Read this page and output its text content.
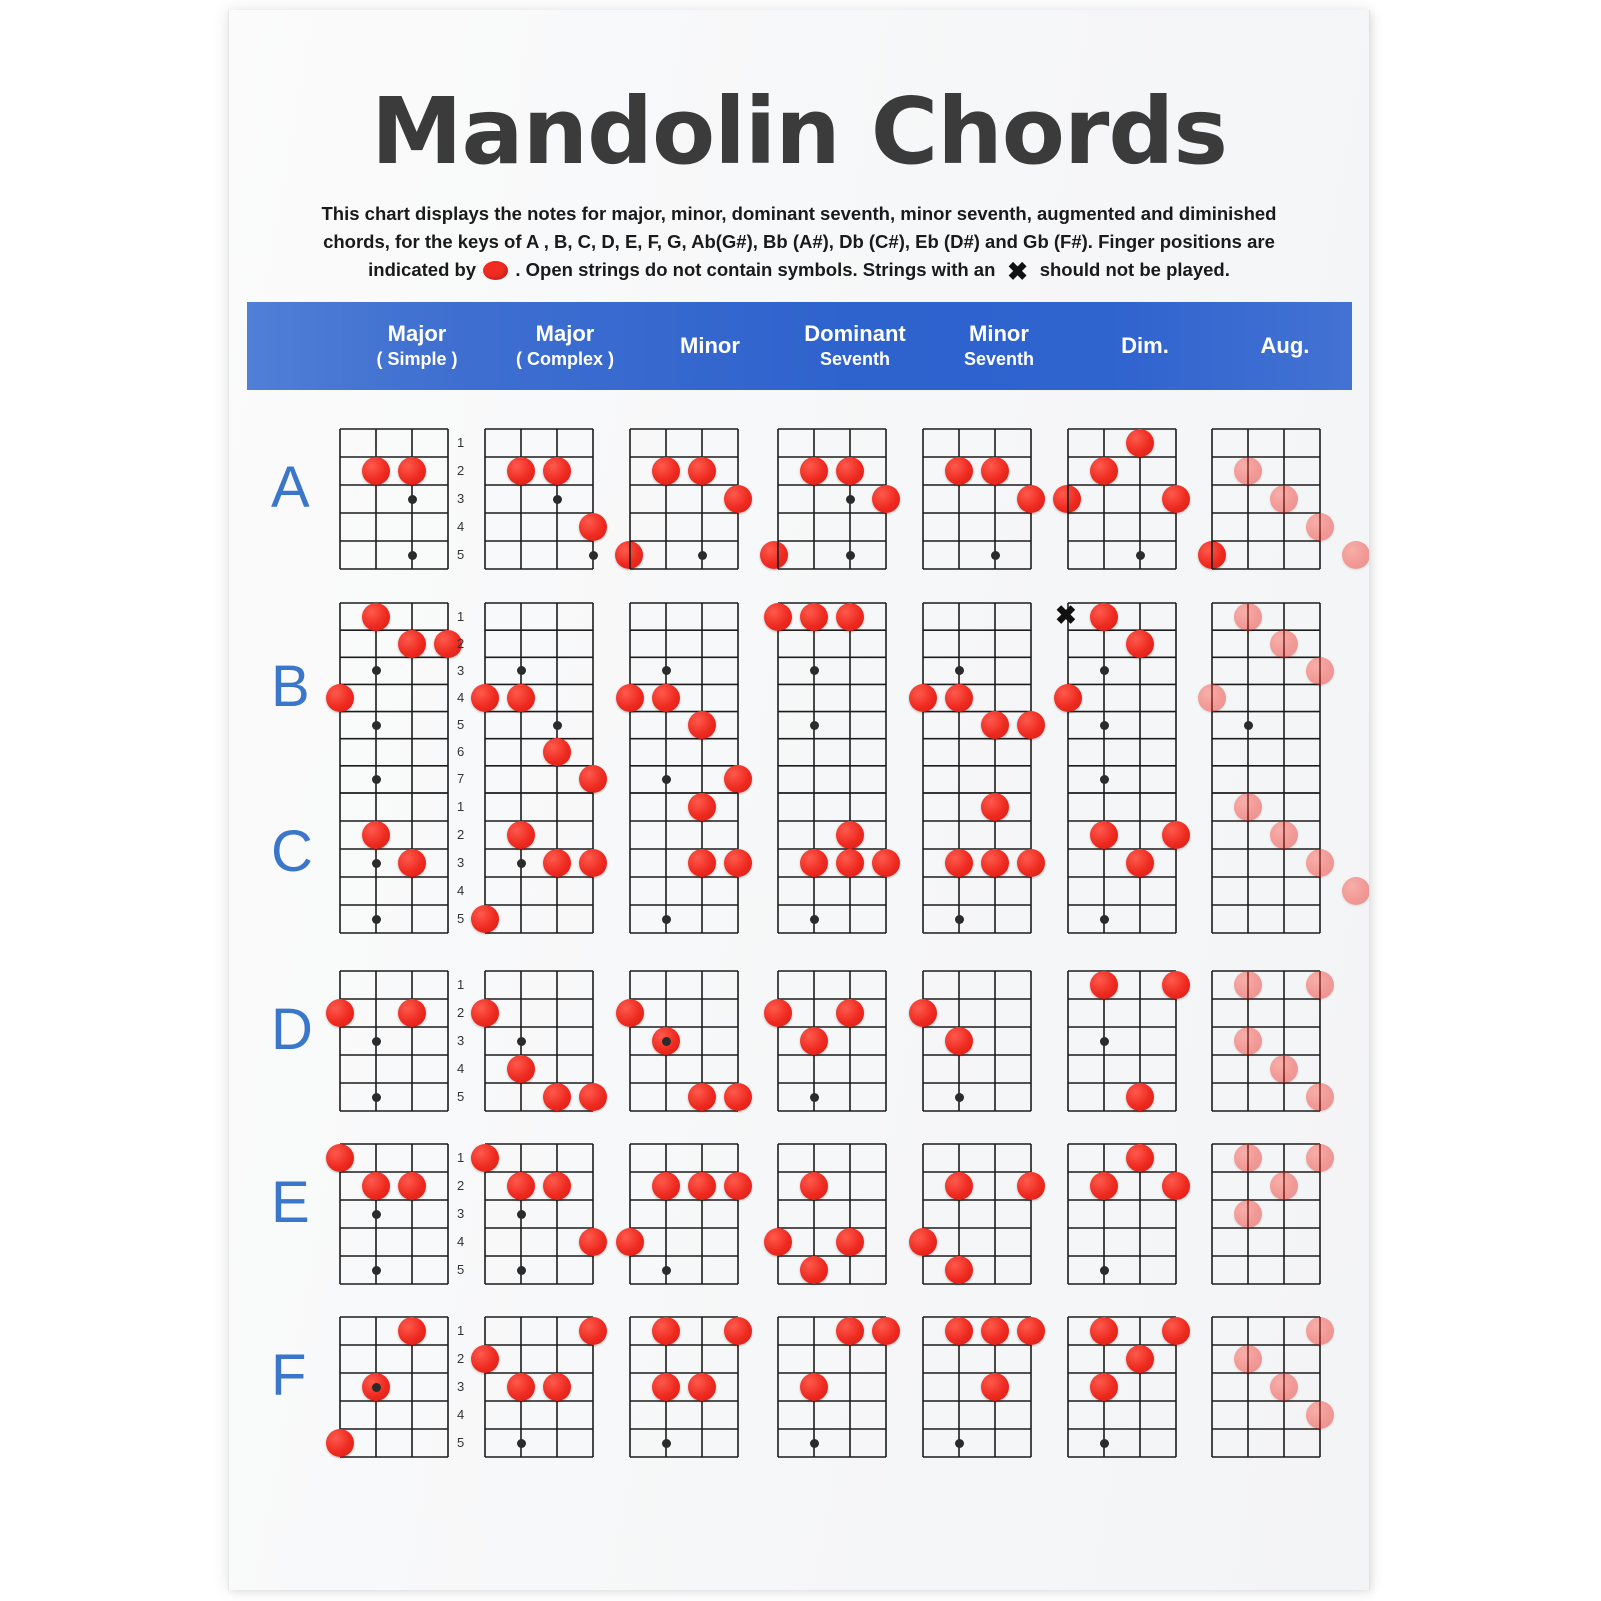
Mandolin Chords
This chart displays the notes for major, minor, dominant seventh, minor seventh, augmented and diminished
chords, for the keys of A , B, C, D, E, F, G, Ab(G#), Bb (A#), Db (C#), Eb (D#) and Gb (F#). Finger positions are
indicated by . Open strings do not contain symbols. Strings with an ✖ should not be played.
Major
( Simple )
Major
( Complex )
Minor	Dominant
Seventh
Minor
Seventh
Dim.	Aug.
1
2
3
4
5
1
2
3
4
5
6
7
✖
1
2
3
4
5
1
2
3
4
5
1
2
3
4
5
1
2
3
4
5
A
B
C
D
E
F
